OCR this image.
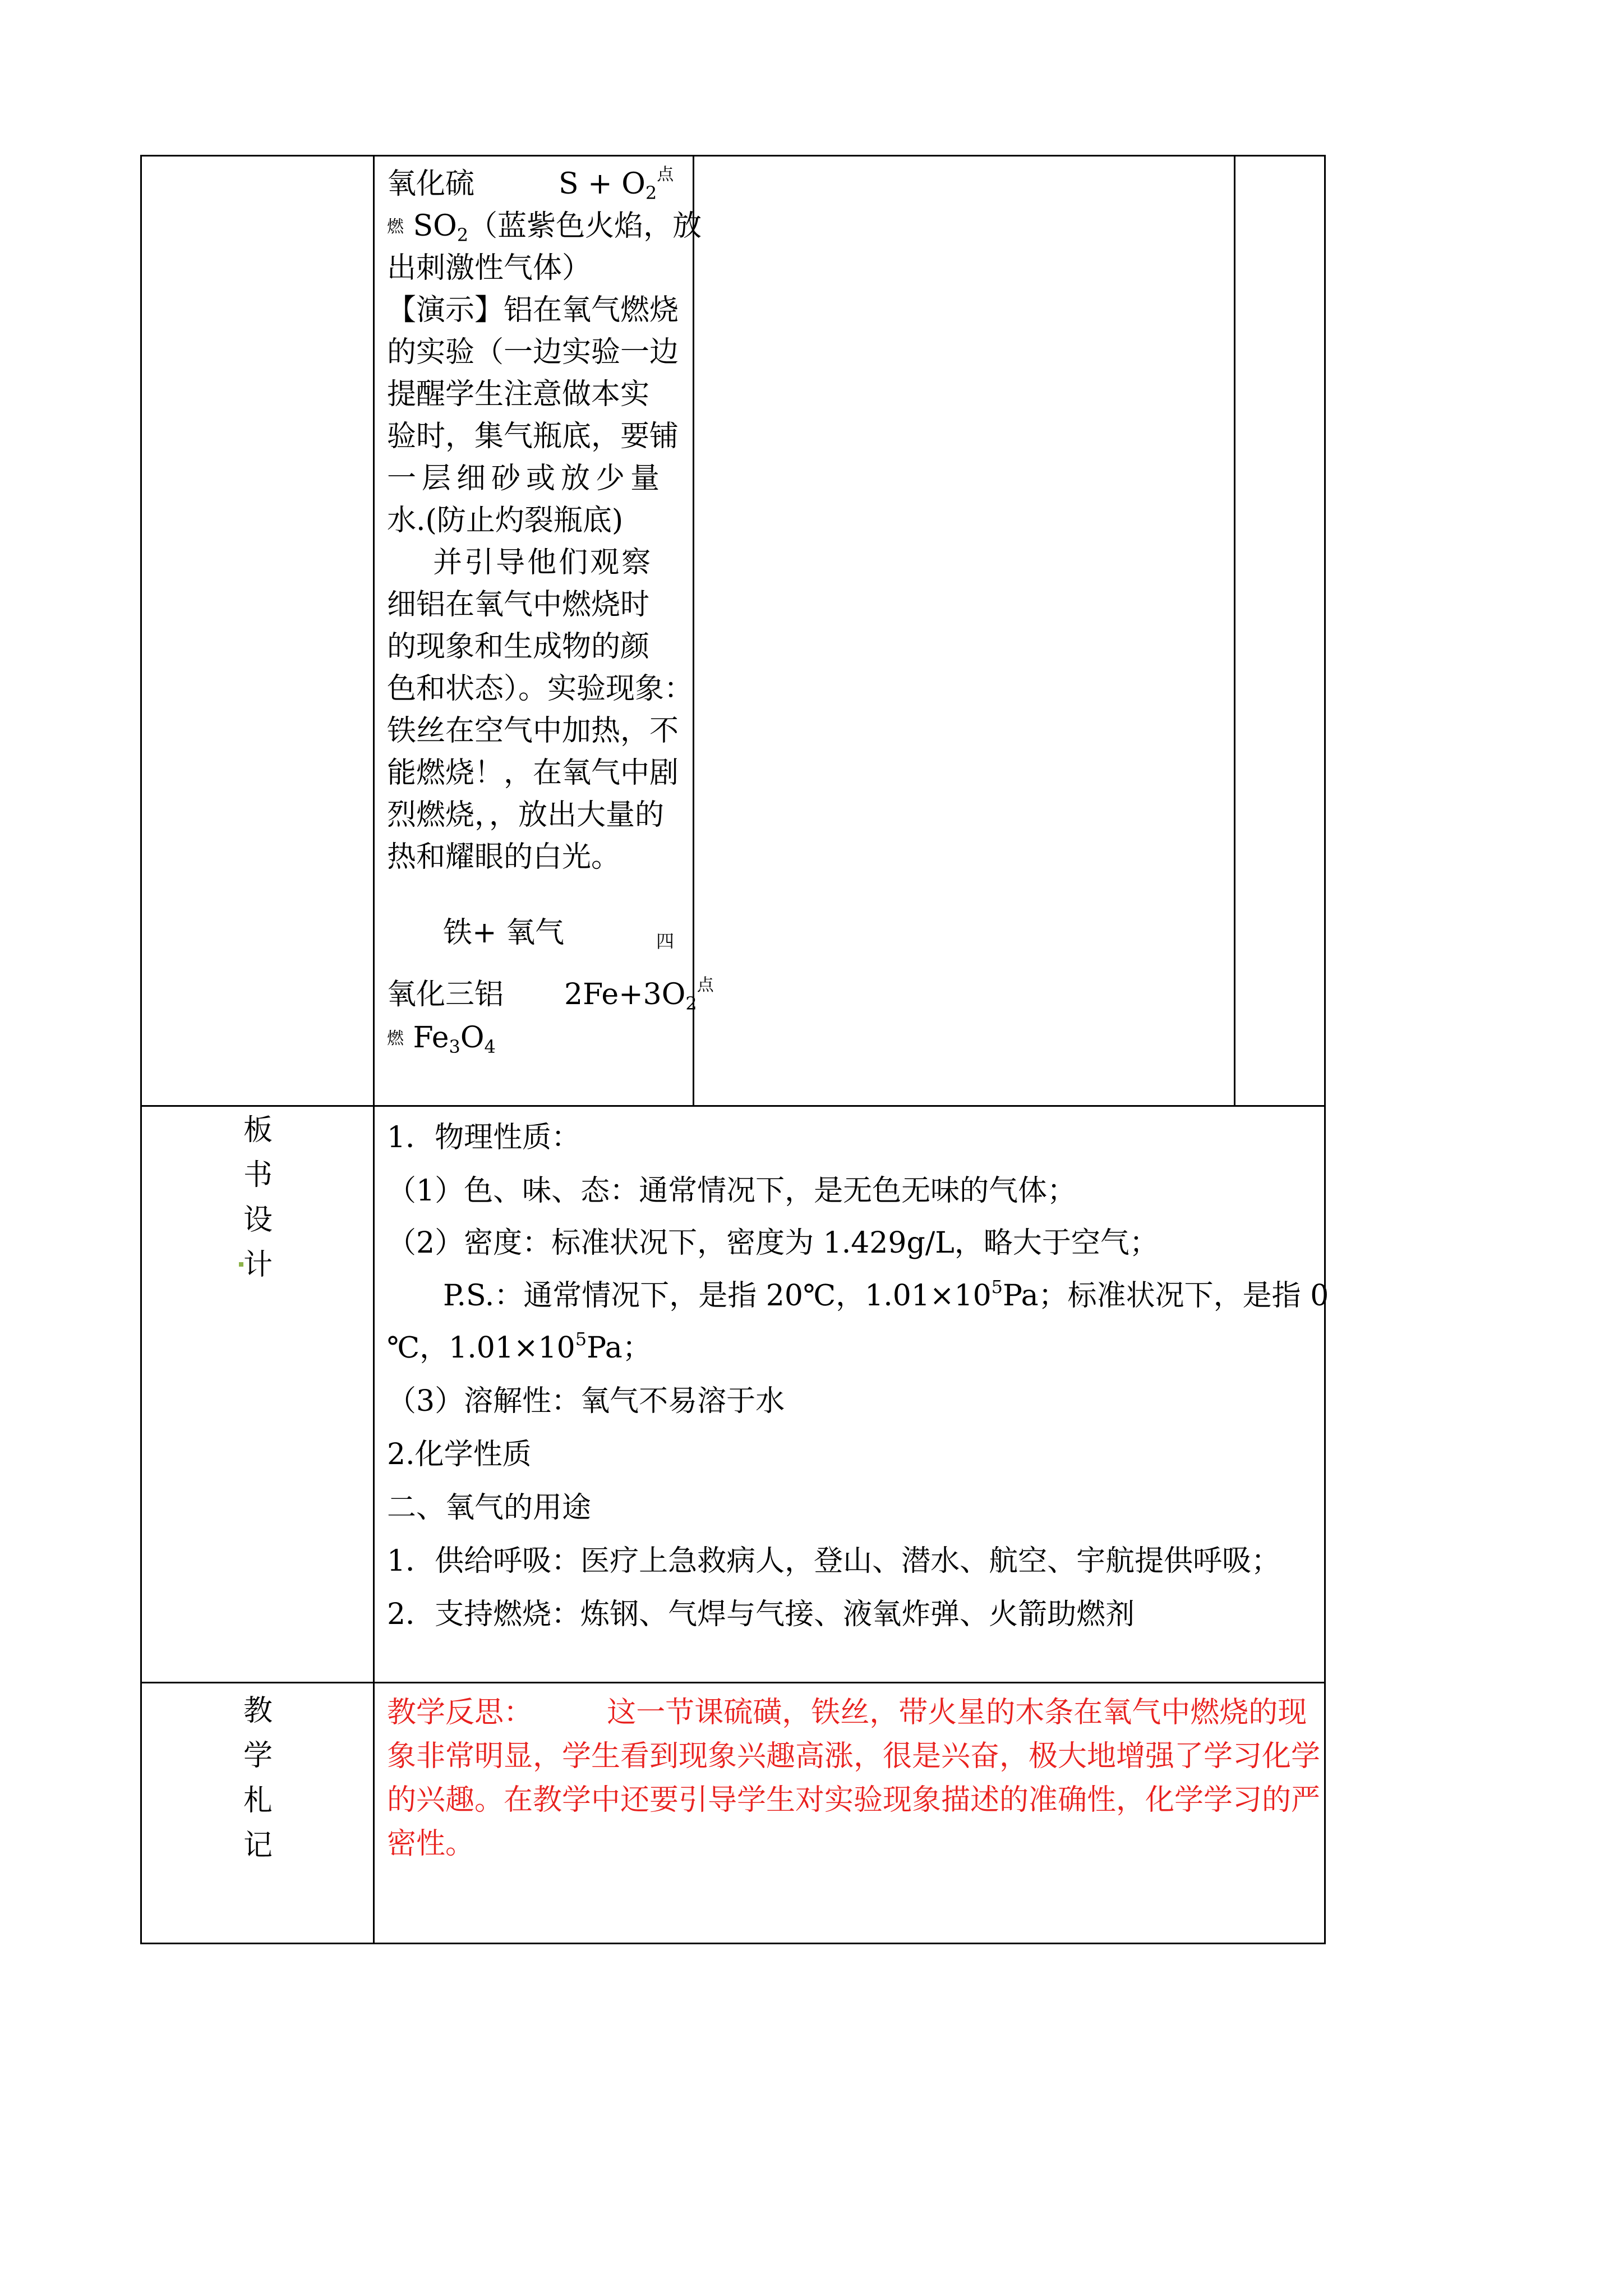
氧化硫	$S + O_2^点$
燃 $SO_2$（蓝紫色火焰，放
出刺激性气体）
【演示】铝在氧气燃烧
的实验（一边实验一边
提醒学生注意做本实
验时，集气瓶底，要铺
一层细砂或放少量
水.(防止灼裂瓶底)
并引导他们观察
细铝在氧气中燃烧时
的现象和生成物的颜
色和状态）。实验现象：
铁丝在空气中加热，不
能燃烧！，在氧气中剧
烈燃烧，，放出大量的
热和耀眼的白光。
铁+ 氧气	四
氧化三铝 $2Fe+3O_2^点$
燃 $Fe_3O_4$
板
书
设
计
1．物理性质：
（1）色、味、态：通常情况下，是无色无味的气体；
（2）密度：标准状况下，密度为 1.429g/L，略大于空气；
P.S.：通常情况下，是指 20℃，$1.01\times 10^5Pa$；标准状况下，是指 0
℃，$1.01\times 10^5Pa$；
（3）溶解性：氧气不易溶于水
2.化学性质
二、氧气的用途
1．供给呼吸：医疗上急救病人，登山、潜水、航空、宇航提供呼吸；
2．支持燃烧：炼钢、气焊与气接、液氧炸弹、火箭助燃剂
教
学
札
记
教学反思：        这一节课硫磺，铁丝，带火星的木条在氧气中燃烧的现
象非常明显，学生看到现象兴趣高涨，很是兴奋，极大地增强了学习化学
的兴趣。在教学中还要引导学生对实验现象描述的准确性，化学学习的严
密性。
